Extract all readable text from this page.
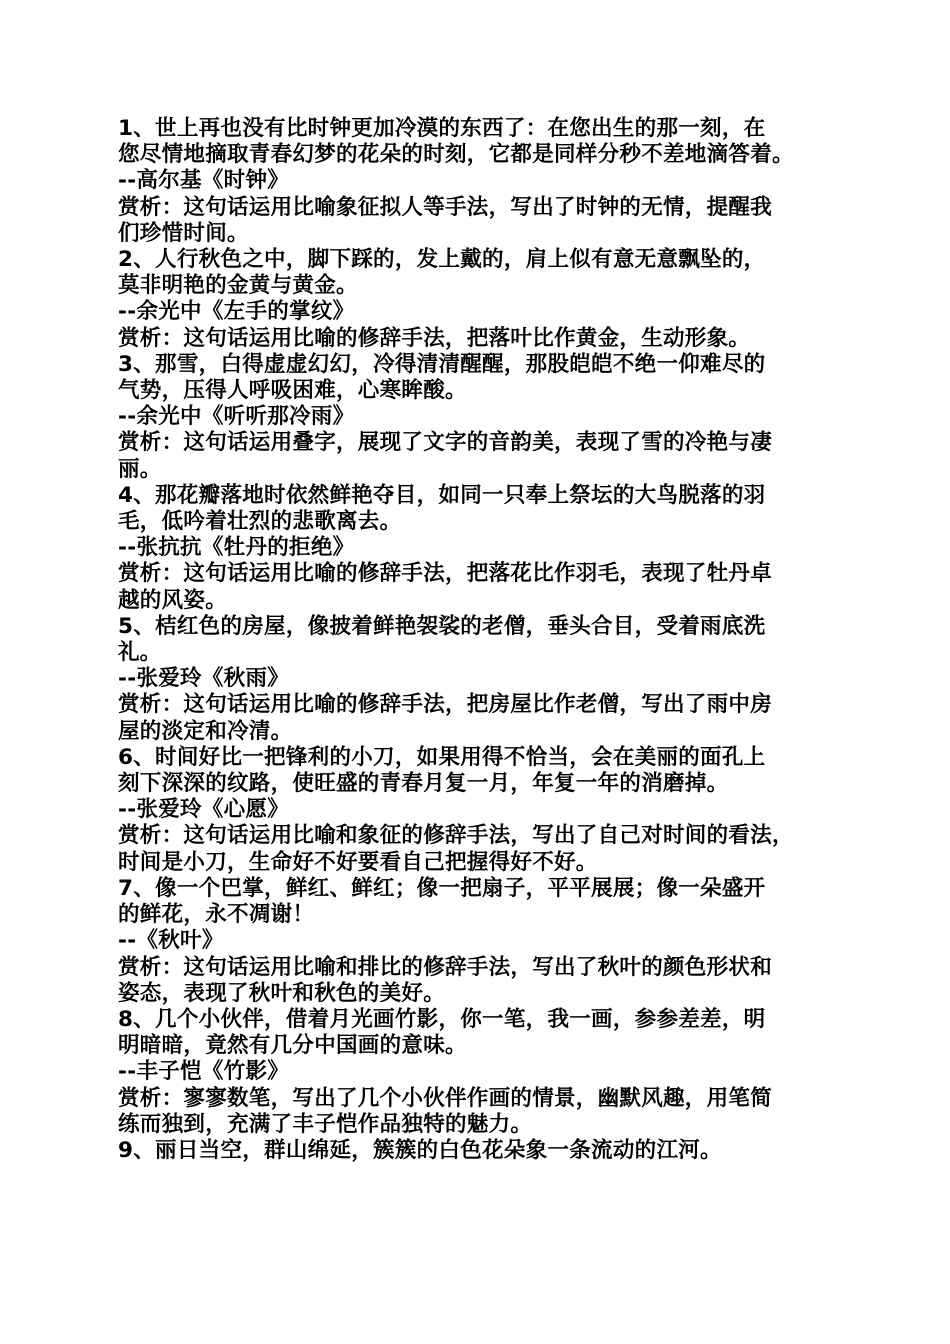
1、世上再也没有比时钟更加冷漠的东西了：在您出生的那一刻，在
您尽情地摘取青春幻梦的花朵的时刻，它都是同样分秒不差地滴答着。
--高尔基《时钟》
赏析：这句话运用比喻象征拟人等手法，写出了时钟的无情，提醒我
们珍惜时间。
2、人行秋色之中，脚下踩的，发上戴的，肩上似有意无意飘坠的，
莫非明艳的金黄与黄金。
--余光中《左手的掌纹》
赏析：这句话运用比喻的修辞手法，把落叶比作黄金，生动形象。
3、那雪，白得虚虚幻幻，冷得清清醒醒，那股皑皑不绝一仰难尽的
气势，压得人呼吸困难，心寒眸酸。
--余光中《听听那冷雨》
赏析：这句话运用叠字，展现了文字的音韵美，表现了雪的冷艳与凄
丽。
4、那花瓣落地时依然鲜艳夺目，如同一只奉上祭坛的大鸟脱落的羽
毛，低吟着壮烈的悲歌离去。
--张抗抗《牡丹的拒绝》
赏析：这句话运用比喻的修辞手法，把落花比作羽毛，表现了牡丹卓
越的风姿。
5、桔红色的房屋，像披着鲜艳袈裟的老僧，垂头合目，受着雨底洗
礼。
--张爱玲《秋雨》
赏析：这句话运用比喻的修辞手法，把房屋比作老僧，写出了雨中房
屋的淡定和冷清。
6、时间好比一把锋利的小刀，如果用得不恰当，会在美丽的面孔上
刻下深深的纹路，使旺盛的青春月复一月，年复一年的消磨掉。
--张爱玲《心愿》
赏析：这句话运用比喻和象征的修辞手法，写出了自己对时间的看法，
时间是小刀，生命好不好要看自己把握得好不好。
7、像一个巴掌，鲜红、鲜红；像一把扇子，平平展展；像一朵盛开
的鲜花，永不凋谢！
--《秋叶》
赏析：这句话运用比喻和排比的修辞手法，写出了秋叶的颜色形状和
姿态，表现了秋叶和秋色的美好。
8、几个小伙伴，借着月光画竹影，你一笔，我一画，参参差差，明
明暗暗，竟然有几分中国画的意味。
--丰子恺《竹影》
赏析：寥寥数笔，写出了几个小伙伴作画的情景，幽默风趣，用笔简
练而独到，充满了丰子恺作品独特的魅力。
9、丽日当空，群山绵延，簇簇的白色花朵象一条流动的江河。
